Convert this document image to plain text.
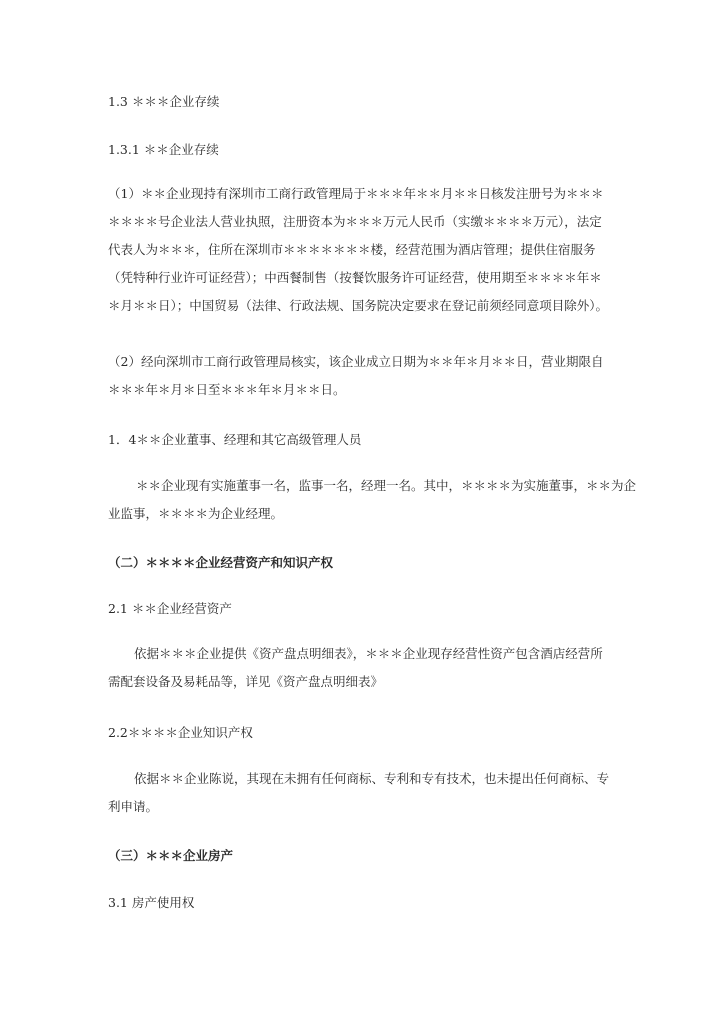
1.3 ＊＊＊企业存续
1.3.1 ＊＊企业存续
（1）＊＊企业现持有深圳市工商行政管理局于＊＊＊年＊＊月＊＊日核发注册号为＊＊＊
＊＊＊＊号企业法人营业执照，注册资本为＊＊＊万元人民币（实缴＊＊＊＊万元），法定
代表人为＊＊＊，住所在深圳市＊＊＊＊＊＊＊楼，经营范围为酒店管理；提供住宿服务
（凭特种行业许可证经营）；中西餐制售（按餐饮服务许可证经营，使用期至＊＊＊＊年＊
＊月＊＊日）；中国贸易（法律、行政法规、国务院决定要求在登记前须经同意项目除外）。
（2）经向深圳市工商行政管理局核实，该企业成立日期为＊＊年＊月＊＊日，营业期限自
＊＊＊年＊月＊日至＊＊＊年＊月＊＊日。
1．4＊＊企业董事、经理和其它高级管理人员
＊＊企业现有实施董事一名，监事一名，经理一名。其中，＊＊＊＊为实施董事，＊＊为企
业监事，＊＊＊＊为企业经理。
（二）＊＊＊＊企业经营资产和知识产权
2.1 ＊＊企业经营资产
依据＊＊＊企业提供《资产盘点明细表》，＊＊＊企业现存经营性资产包含酒店经营所
需配套设备及易耗品等，详见《资产盘点明细表》
2.2＊＊＊＊企业知识产权
依据＊＊企业陈说，其现在未拥有任何商标、专利和专有技术，也未提出任何商标、专
利申请。
（三）＊＊＊企业房产
3.1 房产使用权
